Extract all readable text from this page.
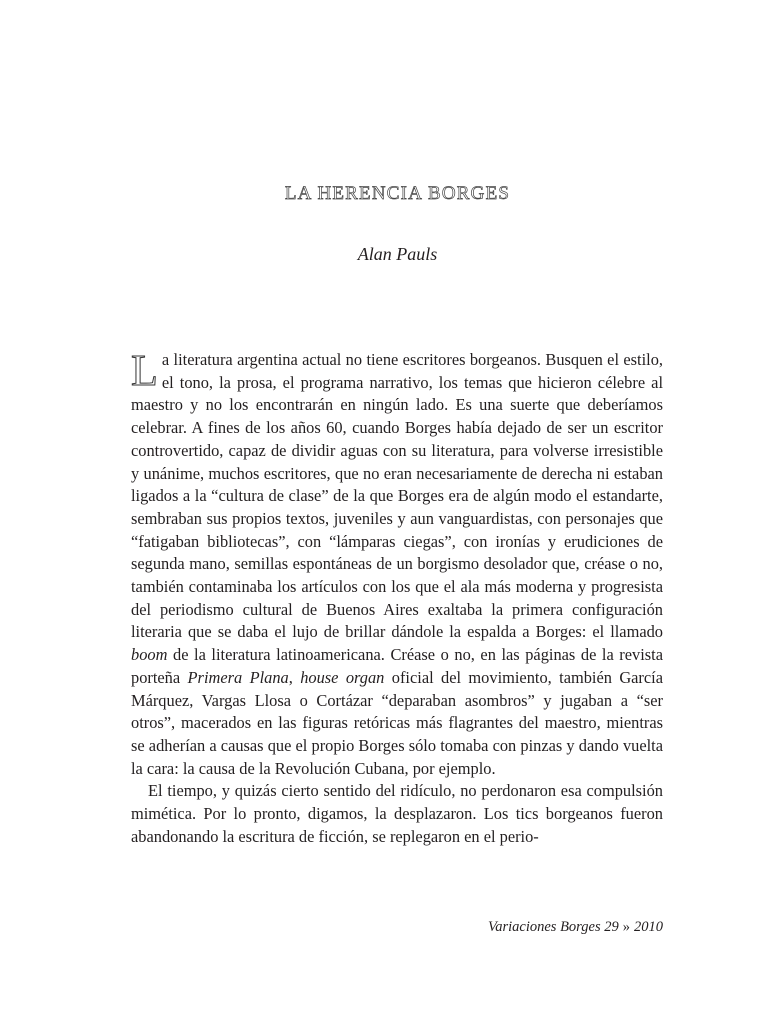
LA HERENCIA BORGES
Alan Pauls

La literatura argentina actual no tiene escritores borgeanos. Busquen el estilo, el tono, la prosa, el programa narrativo, los temas que hicieron célebre al maestro y no los encontrarán en ningún lado. Es una suerte que deberíamos celebrar. A fines de los años 60, cuando Borges había dejado de ser un escritor controvertido, capaz de dividir aguas con su literatura, para volverse irresistible y unánime, muchos escritores, que no eran necesariamente de derecha ni estaban ligados a la “cultura de clase” de la que Borges era de algún modo el estandarte, sembraban sus propios textos, juveniles y aun vanguardistas, con personajes que “fatigaban bibliotecas”, con “lámparas ciegas”, con ironías y erudiciones de segunda mano, semillas espontáneas de un borgismo desolador que, créase o no, también contaminaba los artículos con los que el ala más moderna y progresista del periodismo cultural de Buenos Aires exaltaba la primera configuración literaria que se daba el lujo de brillar dándole la espalda a Borges: el llamado boom de la literatura latinoamericana. Créase o no, en las páginas de la revista porteña Primera Plana, house organ oficial del movimiento, también García Márquez, Vargas Llosa o Cortázar “deparaban asombros” y jugaban a “ser otros”, macerados en las figuras retóricas más flagrantes del maestro, mientras se adherían a causas que el propio Borges sólo tomaba con pinzas y dando vuelta la cara: la causa de la Revolución Cubana, por ejemplo.

El tiempo, y quizás cierto sentido del ridículo, no perdonaron esa compulsión mimética. Por lo pronto, digamos, la desplazaron. Los tics borgeanos fueron abandonando la escritura de ficción, se replegaron en el perio-

Variaciones Borges 29 » 2010
